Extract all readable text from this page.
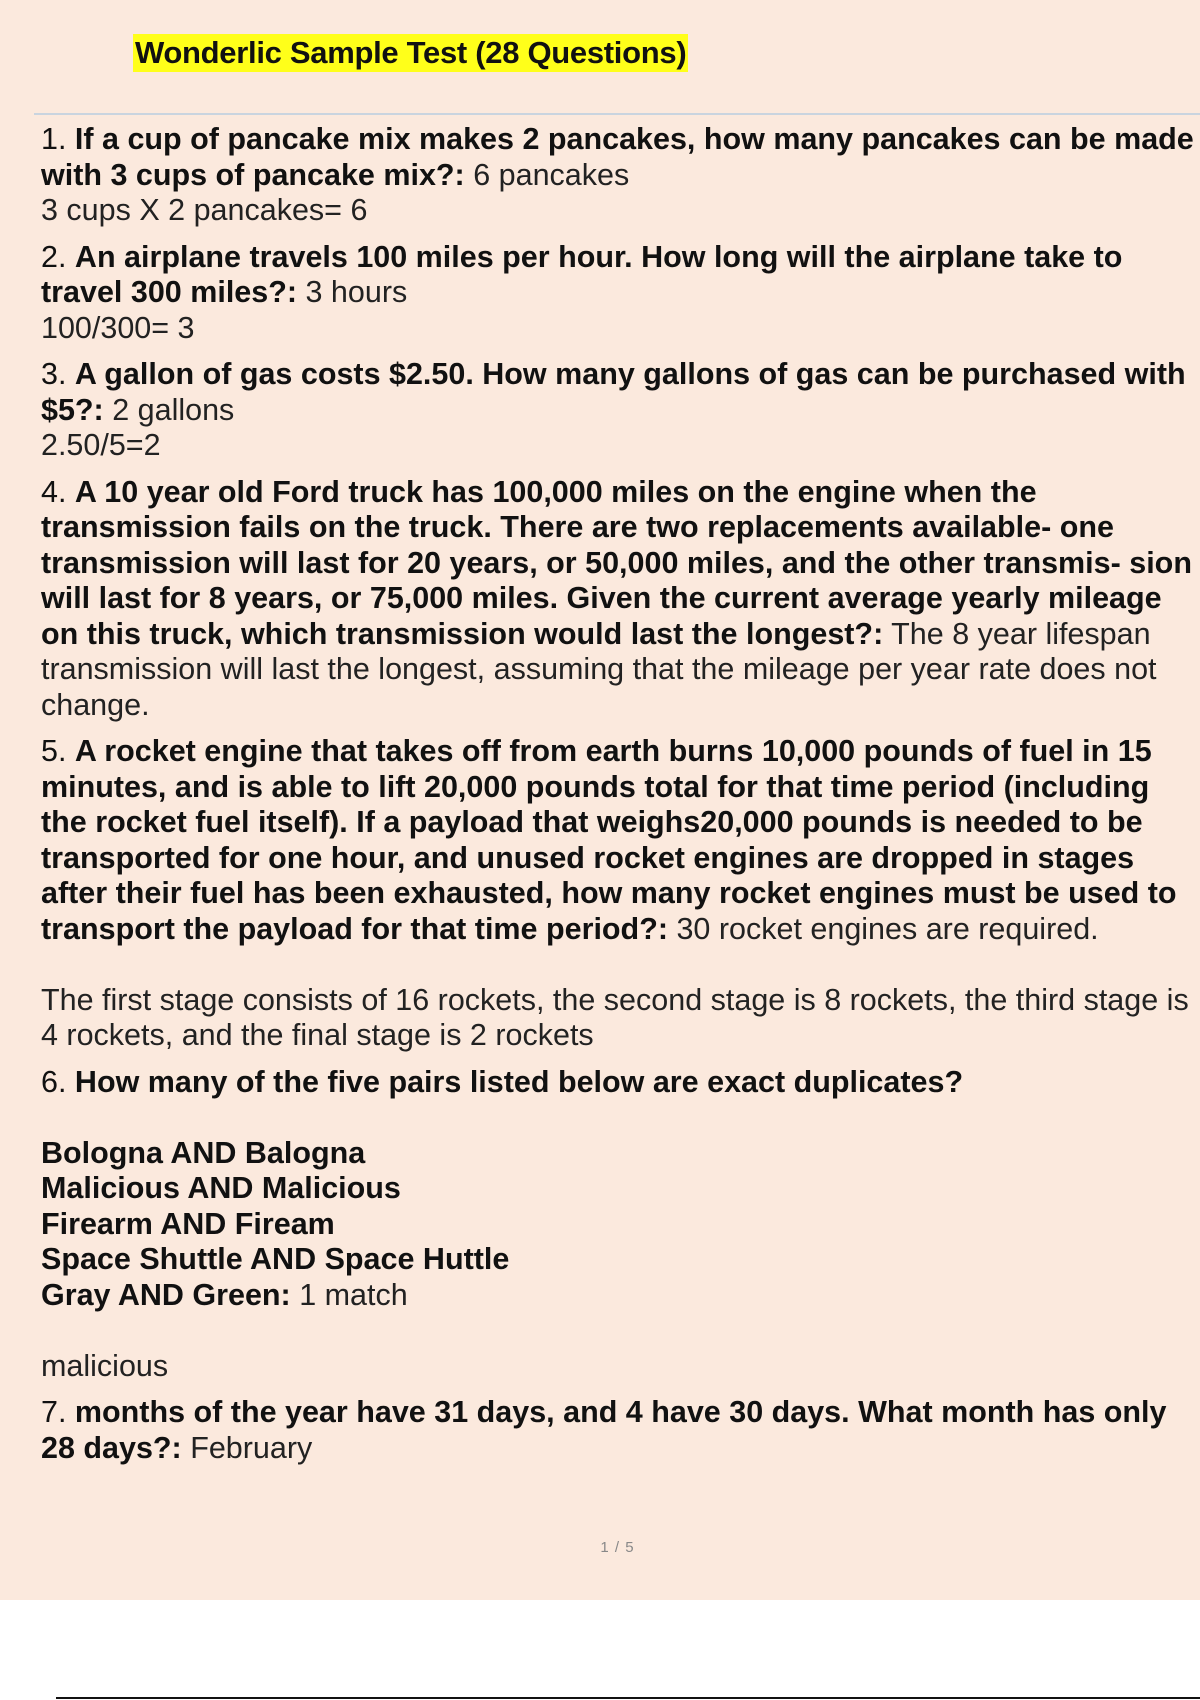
Wonderlic Sample Test (28 Questions)
1. If a cup of pancake mix makes 2 pancakes, how many pancakes can be made with 3 cups of pancake mix?: 6 pancakes
3 cups X 2 pancakes= 6
2. An airplane travels 100 miles per hour. How long will the airplane take to travel 300 miles?: 3 hours
100/300= 3
3. A gallon of gas costs $2.50. How many gallons of gas can be purchased with $5?: 2 gallons
2.50/5=2
4. A 10 year old Ford truck has 100,000 miles on the engine when the transmission fails on the truck. There are two replacements available- one transmission will last for 20 years, or 50,000 miles, and the other transmis- sion will last for 8 years, or 75,000 miles. Given the current average yearly mileage on this truck, which transmission would last the longest?: The 8 year lifespan transmission will last the longest, assuming that the mileage per year rate does not change.
5. A rocket engine that takes off from earth burns 10,000 pounds of fuel in 15 minutes, and is able to lift 20,000 pounds total for that time period (including the rocket fuel itself). If a payload that weighs20,000 pounds is needed to be transported for one hour, and unused rocket engines are dropped in stages after their fuel has been exhausted, how many rocket engines must be used to transport the payload for that time period?: 30 rocket engines are required.
The first stage consists of 16 rockets, the second stage is 8 rockets, the third stage is 4 rockets, and the final stage is 2 rockets
6. How many of the five pairs listed below are exact duplicates?
Bologna AND Balogna
Malicious AND Malicious
Firearm AND Fiream
Space Shuttle AND Space Huttle
Gray AND Green: 1 match
malicious
7. months of the year have 31 days, and 4 have 30 days. What month has only 28 days?: February
1 / 5
